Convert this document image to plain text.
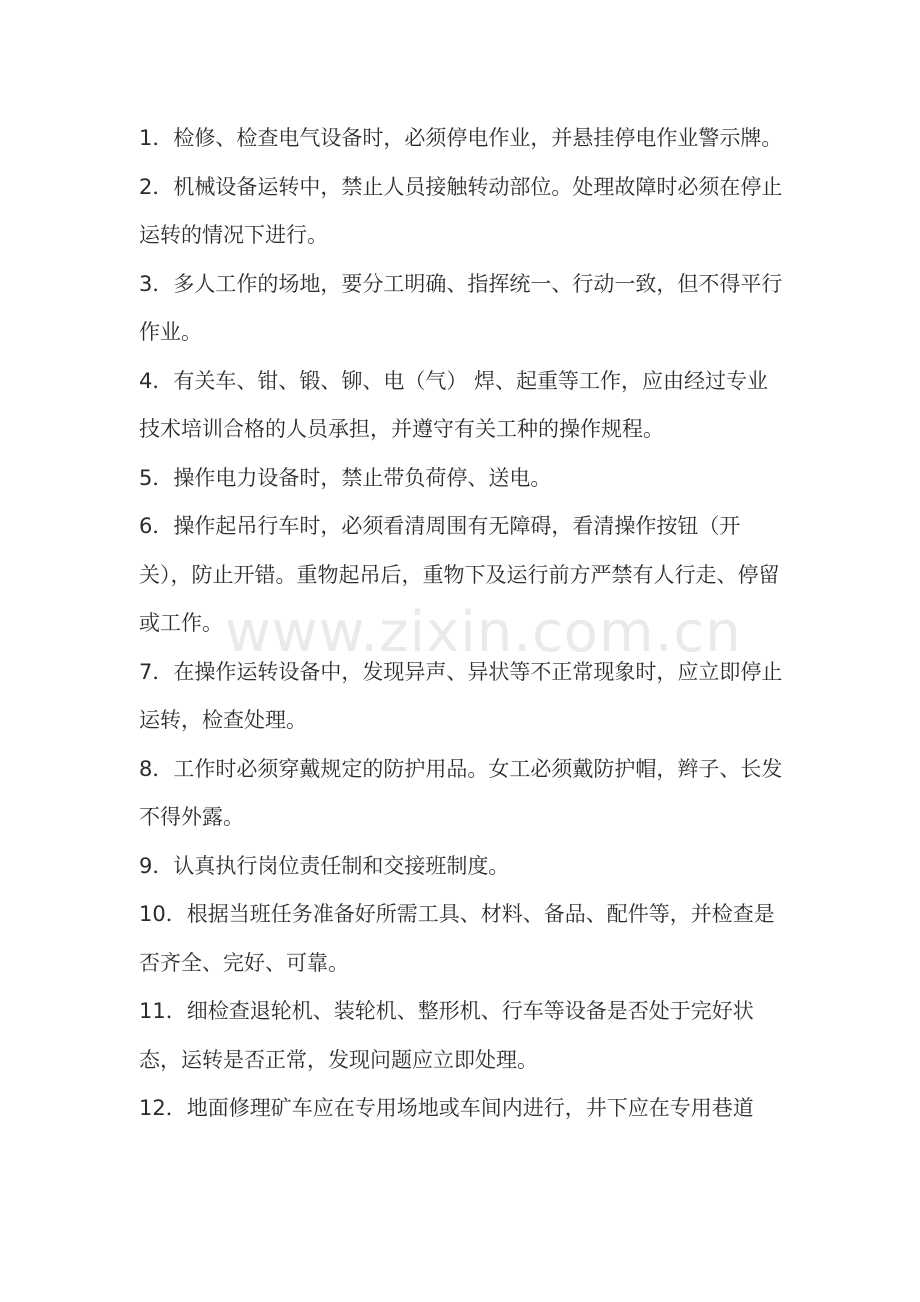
1．检修、检查电气设备时，必须停电作业，并悬挂停电作业警示牌。

2．机械设备运转中，禁止人员接触转动部位。处理故障时必须在停止运转的情况下进行。

3．多人工作的场地，要分工明确、指挥统一、行动一致，但不得平行作业。

4．有关车、钳、锻、铆、电（气） 焊、起重等工作，应由经过专业技术培训合格的人员承担，并遵守有关工种的操作规程。

5．操作电力设备时，禁止带负荷停、送电。

6．操作起吊行车时，必须看清周围有无障碍，看清操作按钮（开关），防止开错。重物起吊后，重物下及运行前方严禁有人行走、停留或工作。

7．在操作运转设备中，发现异声、异状等不正常现象时，应立即停止运转，检查处理。

8．工作时必须穿戴规定的防护用品。女工必须戴防护帽，辫子、长发不得外露。

9．认真执行岗位责任制和交接班制度。

10．根据当班任务准备好所需工具、材料、备品、配件等，并检查是否齐全、完好、可靠。

11．细检查退轮机、装轮机、整形机、行车等设备是否处于完好状态，运转是否正常，发现问题应立即处理。

12．地面修理矿车应在专用场地或车间内进行，井下应在专用巷道

www.zixin.com.cn
